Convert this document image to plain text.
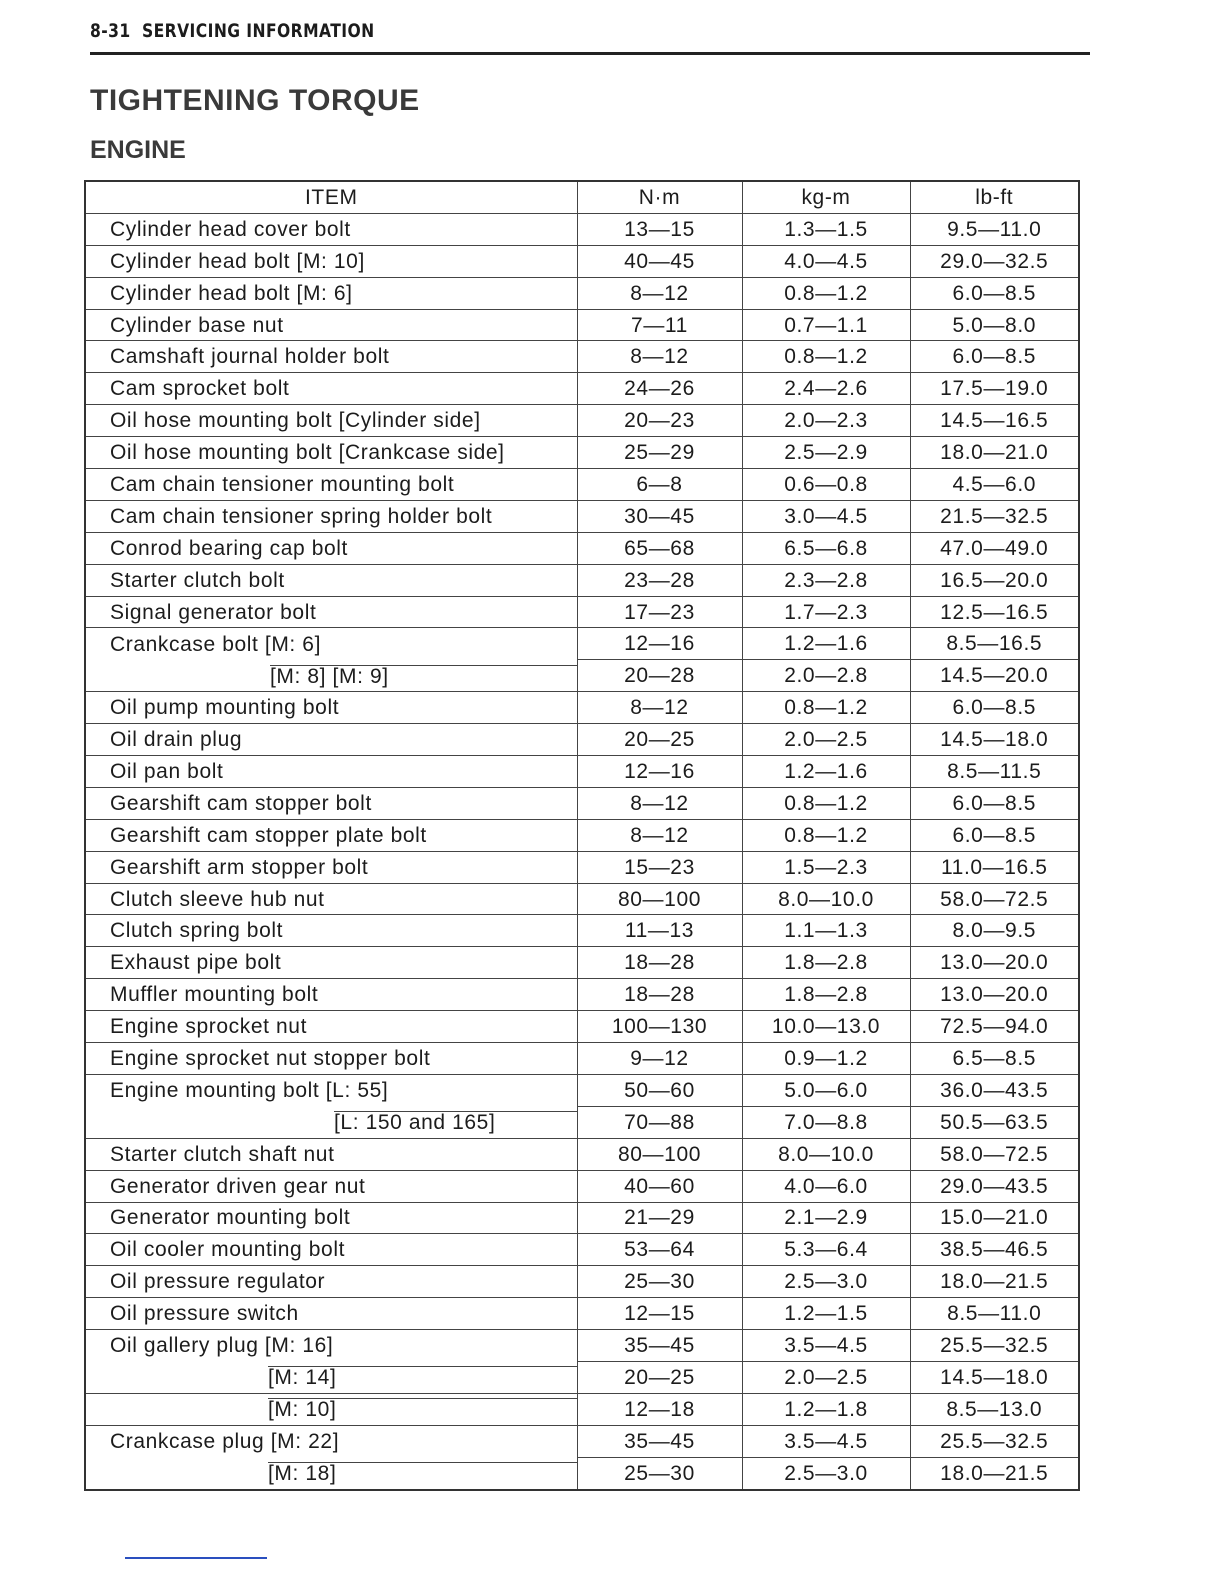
8-31 SERVICING INFORMATION
TIGHTENING TORQUE
ENGINE
ITEM	N·m	kg-m	lb-ft
Cylinder head cover bolt	13—15	1.3—1.5	9.5—11.0
Cylinder head bolt [M: 10]	40—45	4.0—4.5	29.0—32.5
Cylinder head bolt [M: 6]	8—12	0.8—1.2	6.0—8.5
Cylinder base nut	7—11	0.7—1.1	5.0—8.0
Camshaft journal holder bolt	8—12	0.8—1.2	6.0—8.5
Cam sprocket bolt	24—26	2.4—2.6	17.5—19.0
Oil hose mounting bolt [Cylinder side]	20—23	2.0—2.3	14.5—16.5
Oil hose mounting bolt [Crankcase side]	25—29	2.5—2.9	18.0—21.0
Cam chain tensioner mounting bolt	6—8	0.6—0.8	4.5—6.0
Cam chain tensioner spring holder bolt	30—45	3.0—4.5	21.5—32.5
Conrod bearing cap bolt	65—68	6.5—6.8	47.0—49.0
Starter clutch bolt	23—28	2.3—2.8	16.5—20.0
Signal generator bolt	17—23	1.7—2.3	12.5—16.5
Crankcase bolt [M: 6]	12—16	1.2—1.6	8.5—16.5
[M: 8] [M: 9]	20—28	2.0—2.8	14.5—20.0
Oil pump mounting bolt	8—12	0.8—1.2	6.0—8.5
Oil drain plug	20—25	2.0—2.5	14.5—18.0
Oil pan bolt	12—16	1.2—1.6	8.5—11.5
Gearshift cam stopper bolt	8—12	0.8—1.2	6.0—8.5
Gearshift cam stopper plate bolt	8—12	0.8—1.2	6.0—8.5
Gearshift arm stopper bolt	15—23	1.5—2.3	11.0—16.5
Clutch sleeve hub nut	80—100	8.0—10.0	58.0—72.5
Clutch spring bolt	11—13	1.1—1.3	8.0—9.5
Exhaust pipe bolt	18—28	1.8—2.8	13.0—20.0
Muffler mounting bolt	18—28	1.8—2.8	13.0—20.0
Engine sprocket nut	100—130	10.0—13.0	72.5—94.0
Engine sprocket nut stopper bolt	9—12	0.9—1.2	6.5—8.5
Engine mounting bolt [L: 55]	50—60	5.0—6.0	36.0—43.5
[L: 150 and 165]	70—88	7.0—8.8	50.5—63.5
Starter clutch shaft nut	80—100	8.0—10.0	58.0—72.5
Generator driven gear nut	40—60	4.0—6.0	29.0—43.5
Generator mounting bolt	21—29	2.1—2.9	15.0—21.0
Oil cooler mounting bolt	53—64	5.3—6.4	38.5—46.5
Oil pressure regulator	25—30	2.5—3.0	18.0—21.5
Oil pressure switch	12—15	1.2—1.5	8.5—11.0
Oil gallery plug [M: 16]	35—45	3.5—4.5	25.5—32.5
[M: 14]	20—25	2.0—2.5	14.5—18.0
[M: 10]	12—18	1.2—1.8	8.5—13.0
Crankcase plug [M: 22]	35—45	3.5—4.5	25.5—32.5
[M: 18]	25—30	2.5—3.0	18.0—21.5
